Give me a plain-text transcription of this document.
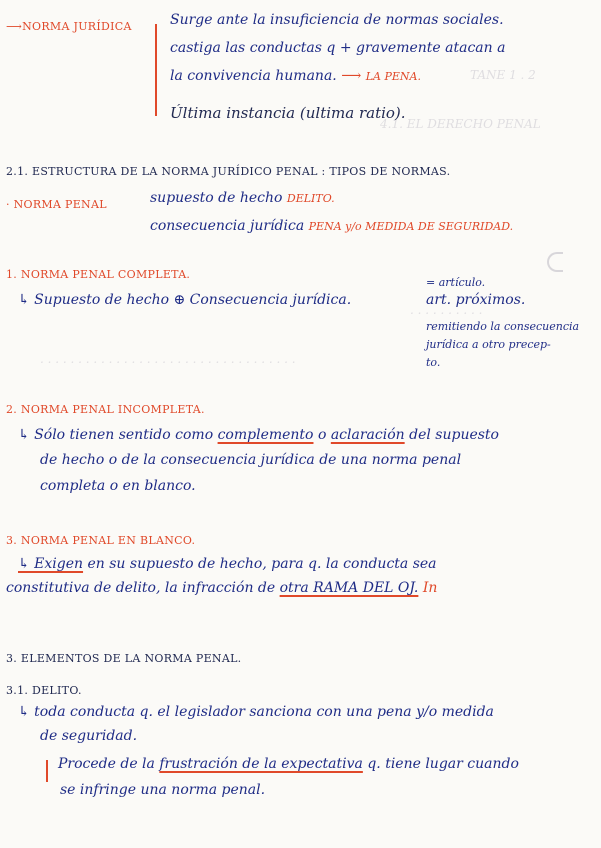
TANE 1 . 2
4.1. EL DERECHO PENAL
. . . . . . . . . .
. . . . . . . . . . . . . . . . . . . . . . . . . . . . . . . . . .
⟶NORMA JURÍDICA	Surge ante la insuficiencia de normas sociales.
castiga las conductas q + gravemente atacan a
la convivencia humana. ⟶ LA PENA.
Última instancia (ultima ratio).
2.1. ESTRUCTURA DE LA NORMA JURÍDICO PENAL : TIPOS DE NORMAS.
· NORMA PENAL	supuesto de hecho DELITO.
consecuencia jurídica PENA y/o MEDIDA DE SEGURIDAD.
1. NORMA PENAL COMPLETA.
↳ Supuesto de hecho ⊕ Consecuencia jurídica.
= artículo.
art. próximos.
remitiendo la consecuencia
jurídica a otro precep-
to.
2. NORMA PENAL INCOMPLETA.
↳ Sólo tienen sentido como complemento o aclaración del supuesto
de hecho o de la consecuencia jurídica de una norma penal
completa o en blanco.
3. NORMA PENAL EN BLANCO.
↳ Exigen en su supuesto de hecho, para q. la conducta sea
constitutiva de delito, la infracción de otra RAMA DEL OJ. In
3. ELEMENTOS DE LA NORMA PENAL.
3.1. DELITO.
↳ toda conducta q. el legislador sanciona con una pena y/o medida
de seguridad.
Procede de la frustración de la expectativa q. tiene lugar cuando
se infringe una norma penal.
